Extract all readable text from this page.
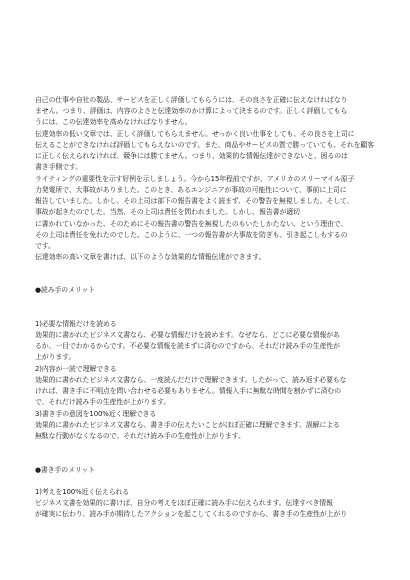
自己の仕事や自社の製品、サービスを正しく評価してもらうには、その良さを正確に伝えなければなり
ません。つまり、評価は、内容のよさと伝達効率のかけ算によって決まるのです。正しく評価してもら
うには、この伝達効率を高めなければなりません。
伝達効率の低い文章では、正しく評価してもらえません。せっかく良い仕事をしても、その良さを上司に
伝えることができなければ評価してもらえないのです。また、商品やサービスの質で勝っていても、それを顧客
に正しく伝えられなければ、競争には勝てません。つまり、効果的な情報伝達ができないと、困るのは
書き手側です。
ライティングの重要性を示す好例を示しましょう。今から15年程前ですが、アメリカのスリーマイル原子
力発電所で、大事故がありました。このとき、あるエンジニアが事故の可能性について、事前に上司に
報告していました。しかし、その上司は部下の報告書をよく読まず、その警告を無視しました。そして、
事故が起きたのでした。当然、その上司は責任を問われました。しかし、報告書が適切
に書かれていなかった、そのためにその報告書の警告を無視したのもいたしかたない、という理由で、
その上司は責任を免れたのでした。このように、一つの報告書が大事故を防ぎも、引き起こしもするの
です。
伝達効率の高い文章を書けば、以下のような効果的な情報伝達ができます。
●読み手のメリット
1)必要な情報だけを読める
効果的に書かれたビジネス文書なら、必要な情報だけを読めます。なぜなら、どこに必要な情報があ
るか、一目でわかるからです。不必要な情報を読まずに済むのですから、それだけ読み手の生産性が
上がります。
2)内容が一読で理解できる
効果的に書かれたビジネス文書なら、一度読んだだけで理解できます。したがって、読み返す必要もな
ければ、書き手に不明点を問い合わせる必要もありません。情報入手に無駄な時間を割かずに済むの
で、それだけ読み手の生産性が上がります。
3)書き手の意図を100%近く理解できる
効果的に書かれたビジネス文書なら、書き手の伝えたいことがほぼ正確に理解できます。誤解による
無駄な行動がなくなるので、それだけ読み手の生産性が上がります。
●書き手のメリット
1)考えを100%近く伝えられる
ビジネス文書を効果的に書けば、自分の考えをほぼ正確に読み手に伝えられます。伝達すべき情報
が確実に伝わり、読み手が期待したアクションを起こしてくれるのですから、書き手の生産性が上がり
